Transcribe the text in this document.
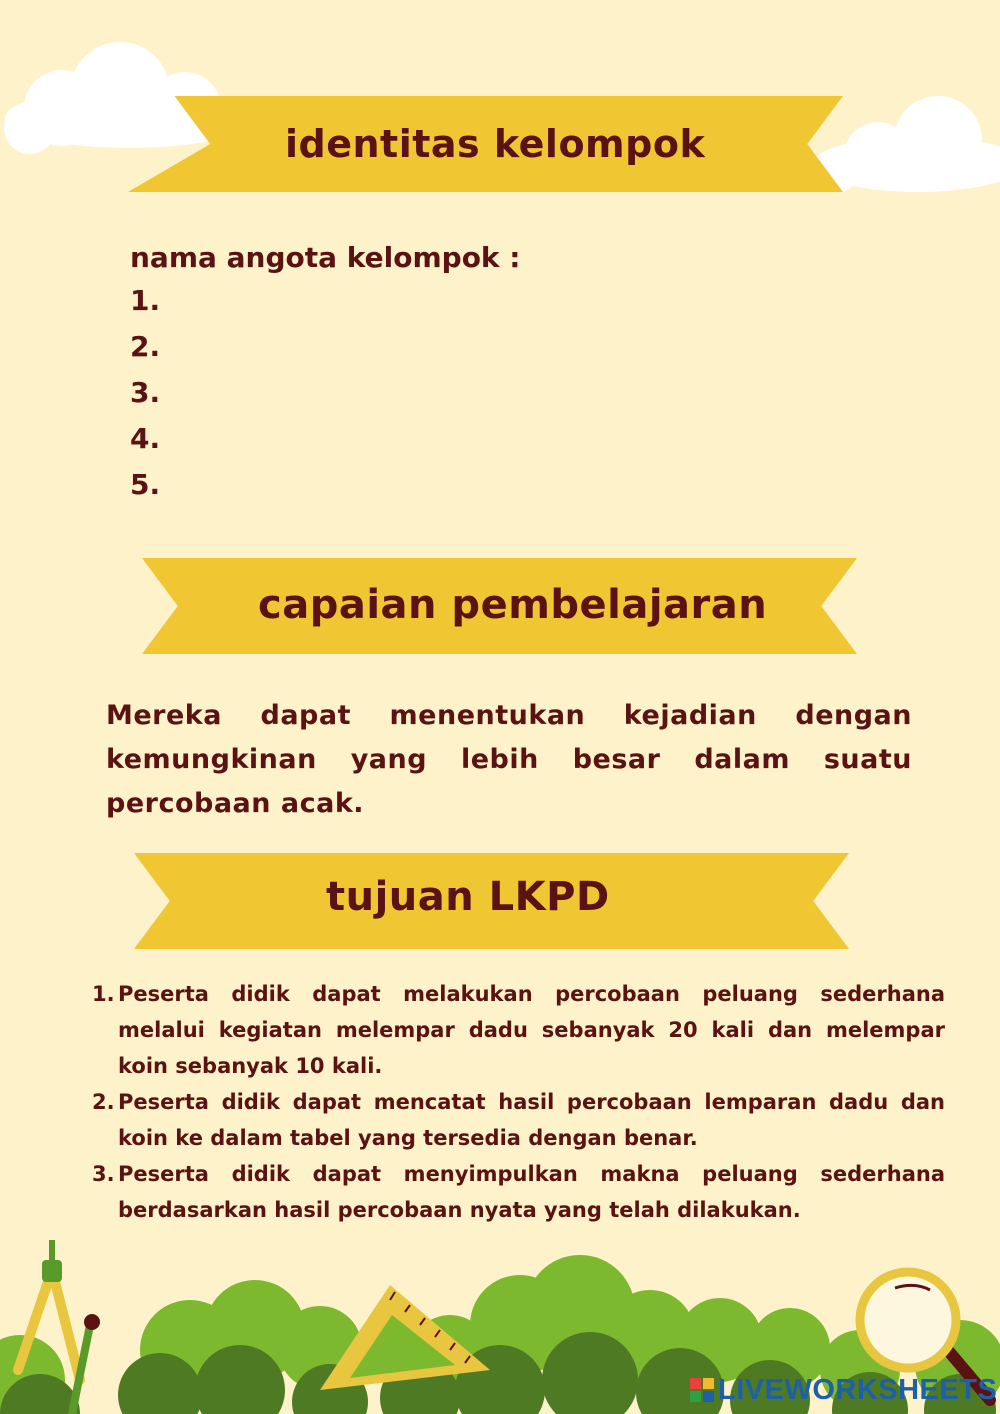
identitas kelompok
nama angota kelompok :
1.
2.
3.
4.
5.
capaian pembelajaran
Mereka dapat menentukan kejadian dengan kemungkinan yang lebih besar dalam suatu percobaan acak.
tujuan LKPD
1. Peserta didik dapat melakukan percobaan peluang sederhana melalui kegiatan melempar dadu sebanyak 20 kali dan melempar koin sebanyak 10 kali.
2. Peserta didik dapat mencatat hasil percobaan lemparan dadu dan koin ke dalam tabel yang tersedia dengan benar.
3. Peserta didik dapat menyimpulkan makna peluang sederhana berdasarkan hasil percobaan nyata yang telah dilakukan.
LIVEWORKSHEETS
